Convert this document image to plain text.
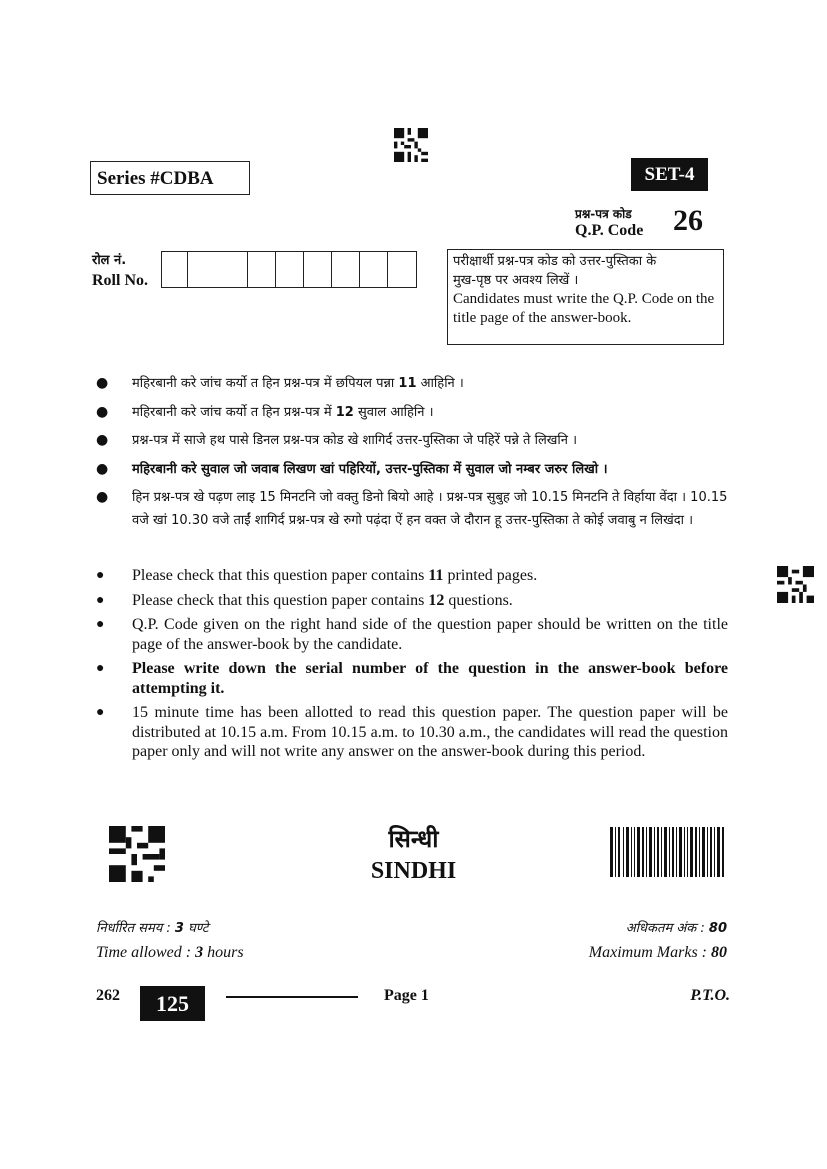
Series #CDBA	SET-4
प्रश्न-पत्र कोड
Q.P. Code 26
रोल नं.
Roll No.
परीक्षार्थी प्रश्न-पत्र कोड को उत्तर-पुस्तिका के
मुख-पृष्ठ पर अवश्य लिखें ।
Candidates must write the Q.P. Code on the title page of the answer-book.
● महिरबानी करे जांच कर्यो त हिन प्रश्न-पत्र में छपियल पन्ना 11 आहिनि ।
● महिरबानी करे जांच कर्यो त हिन प्रश्न-पत्र में 12 सुवाल आहिनि ।
● प्रश्न-पत्र में साजे हथ पासे डिनल प्रश्न-पत्र कोड खे शागिर्द उत्तर-पुस्तिका जे पहिरें पन्ने ते लिखनि ।
● महिरबानी करे सुवाल जो जवाब लिखण खां पहिरियों, उत्तर-पुस्तिका में सुवाल जो नम्बर जरुर लिखो ।
● हिन प्रश्न-पत्र खे पढ़ण लाइ 15 मिनटनि जो वक्तु डिनो बियो आहे । प्रश्न-पत्र सुबुह जो 10.15 मिनटनि ते विर्हाया वेंदा । 10.15 वजे खां 10.30 वजे ताईं शागिर्द प्रश्न-पत्र खे रुगो पढ़ंदा ऐं हन वक्त जे दौरान हू उत्तर-पुस्तिका ते कोई जवाबु न लिखंदा ।
● Please check that this question paper contains 11 printed pages.
● Please check that this question paper contains 12 questions.
● Q.P. Code given on the right hand side of the question paper should be written on the title page of the answer-book by the candidate.
● Please write down the serial number of the question in the answer-book before attempting it.
● 15 minute time has been allotted to read this question paper. The question paper will be distributed at 10.15 a.m. From 10.15 a.m. to 10.30 a.m., the candidates will read the question paper only and will not write any answer on the answer-book during this period.
सिन्धी
SINDHI
निर्धारित समय : 3 घण्टे
Time allowed : 3 hours
अधिकतम अंक : 80
Maximum Marks : 80
262	125	Page 1	P.T.O.
